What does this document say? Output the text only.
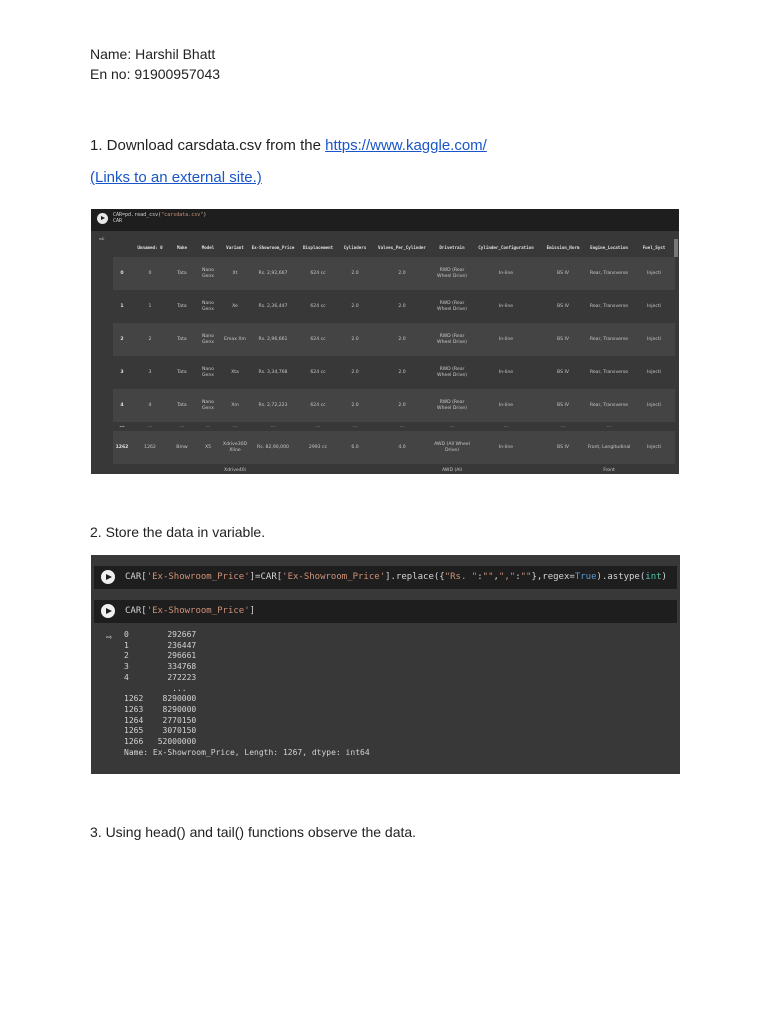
Name: Harshil Bhatt
En no: 91900957043
1. Download carsdata.csv from the https://www.kaggle.com/
(Links to an external site.)
CAR=pd.read_csv("carsdata.csv")
CAR
⇨
	Unnamed: 0	Make	Model	Variant	Ex-Showroom_Price	Displacement	Cylinders	Valves_Per_Cylinder	Drivetrain	Cylinder_Configuration	Emission_Norm	Engine_Location	Fuel_Syst
0	0	Tata	Nano Genx	Xt	Rs. 2,92,667	624 cc	2.0	2.0	RWD (Rear Wheel Drive)	In-line	BS IV	Rear, Transverse	Injecti
1	1	Tata	Nano Genx	Xe	Rs. 2,36,447	624 cc	2.0	2.0	RWD (Rear Wheel Drive)	In-line	BS IV	Rear, Transverse	Injecti
2	2	Tata	Nano Genx	Emax Xm	Rs. 2,96,661	624 cc	2.0	2.0	RWD (Rear Wheel Drive)	In-line	BS IV	Rear, Transverse	Injecti
3	3	Tata	Nano Genx	Xta	Rs. 3,34,768	624 cc	2.0	2.0	RWD (Rear Wheel Drive)	In-line	BS IV	Rear, Transverse	Injecti
4	4	Tata	Nano Genx	Xm	Rs. 2,72,223	624 cc	2.0	2.0	RWD (Rear Wheel Drive)	In-line	BS IV	Rear, Transverse	Injecti
...	...	...	...	...	...	...	...	...	...	...	...	...	
1262	1262	Bmw	X5	Xdrive30D Xline	Rs. 82,90,000	2993 cc	6.0	4.0	AWD (All Wheel Drive)	In-line	BS IV	Front, Longitudinal	Injecti
				Xdrive40i					AWD (All			Front	
2. Store the data in variable.
CAR['Ex-Showroom_Price']=CAR['Ex-Showroom_Price'].replace({"Rs. ":"",",":""},regex=True).astype(int)
CAR['Ex-Showroom_Price']
⇨ 0        292667
1        236447
2        296661
3        334768
4        272223
...
1262    8290000
1263    8290000
1264    2770150
1265    3070150
1266   52000000
Name: Ex-Showroom_Price, Length: 1267, dtype: int64
3. Using head() and tail() functions observe the data.
